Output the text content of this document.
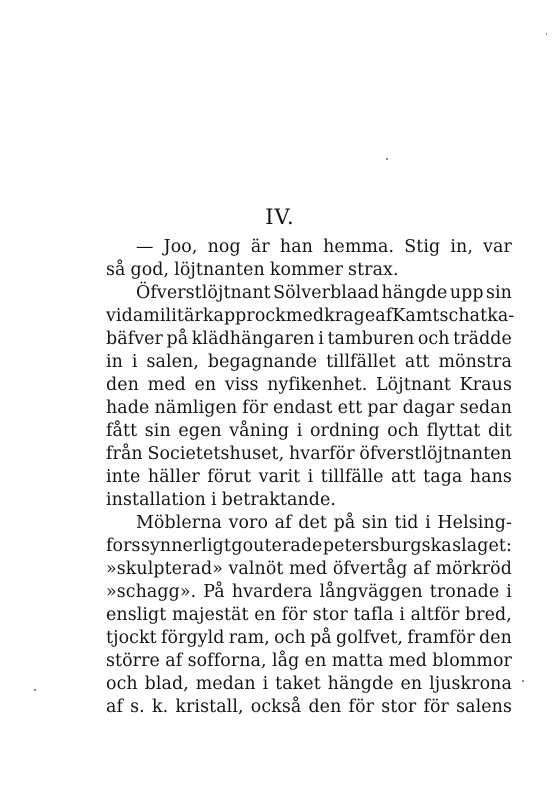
IV.
— Joo, nog är han hemma. Stig in, var
så god, löjtnanten kommer strax.
Öfverstlöjtnant Sölverblaad hängde upp sin
vida militärkapprock med krage af Kamtschatka-
bäfver på klädhängaren i tamburen och trädde
in i salen, begagnande tillfället att mönstra
den med en viss nyfikenhet. Löjtnant Kraus
hade nämligen för endast ett par dagar sedan
fått sin egen våning i ordning och flyttat dit
från Societetshuset, hvarför öfverstlöjtnanten
inte häller förut varit i tillfälle att taga hans
installation i betraktande.
Möblerna voro af det på sin tid i Helsing-
fors synnerligt gouterade petersburgska slaget:
»skulpterad» valnöt med öfvertåg af mörkröd
»schagg». På hvardera långväggen tronade i
ensligt majestät en för stor tafla i altför bred,
tjockt förgyld ram, och på golfvet, framför den
större af sofforna, låg en matta med blommor
och blad, medan i taket hängde en ljuskrona
af s. k. kristall, också den för stor för salens
